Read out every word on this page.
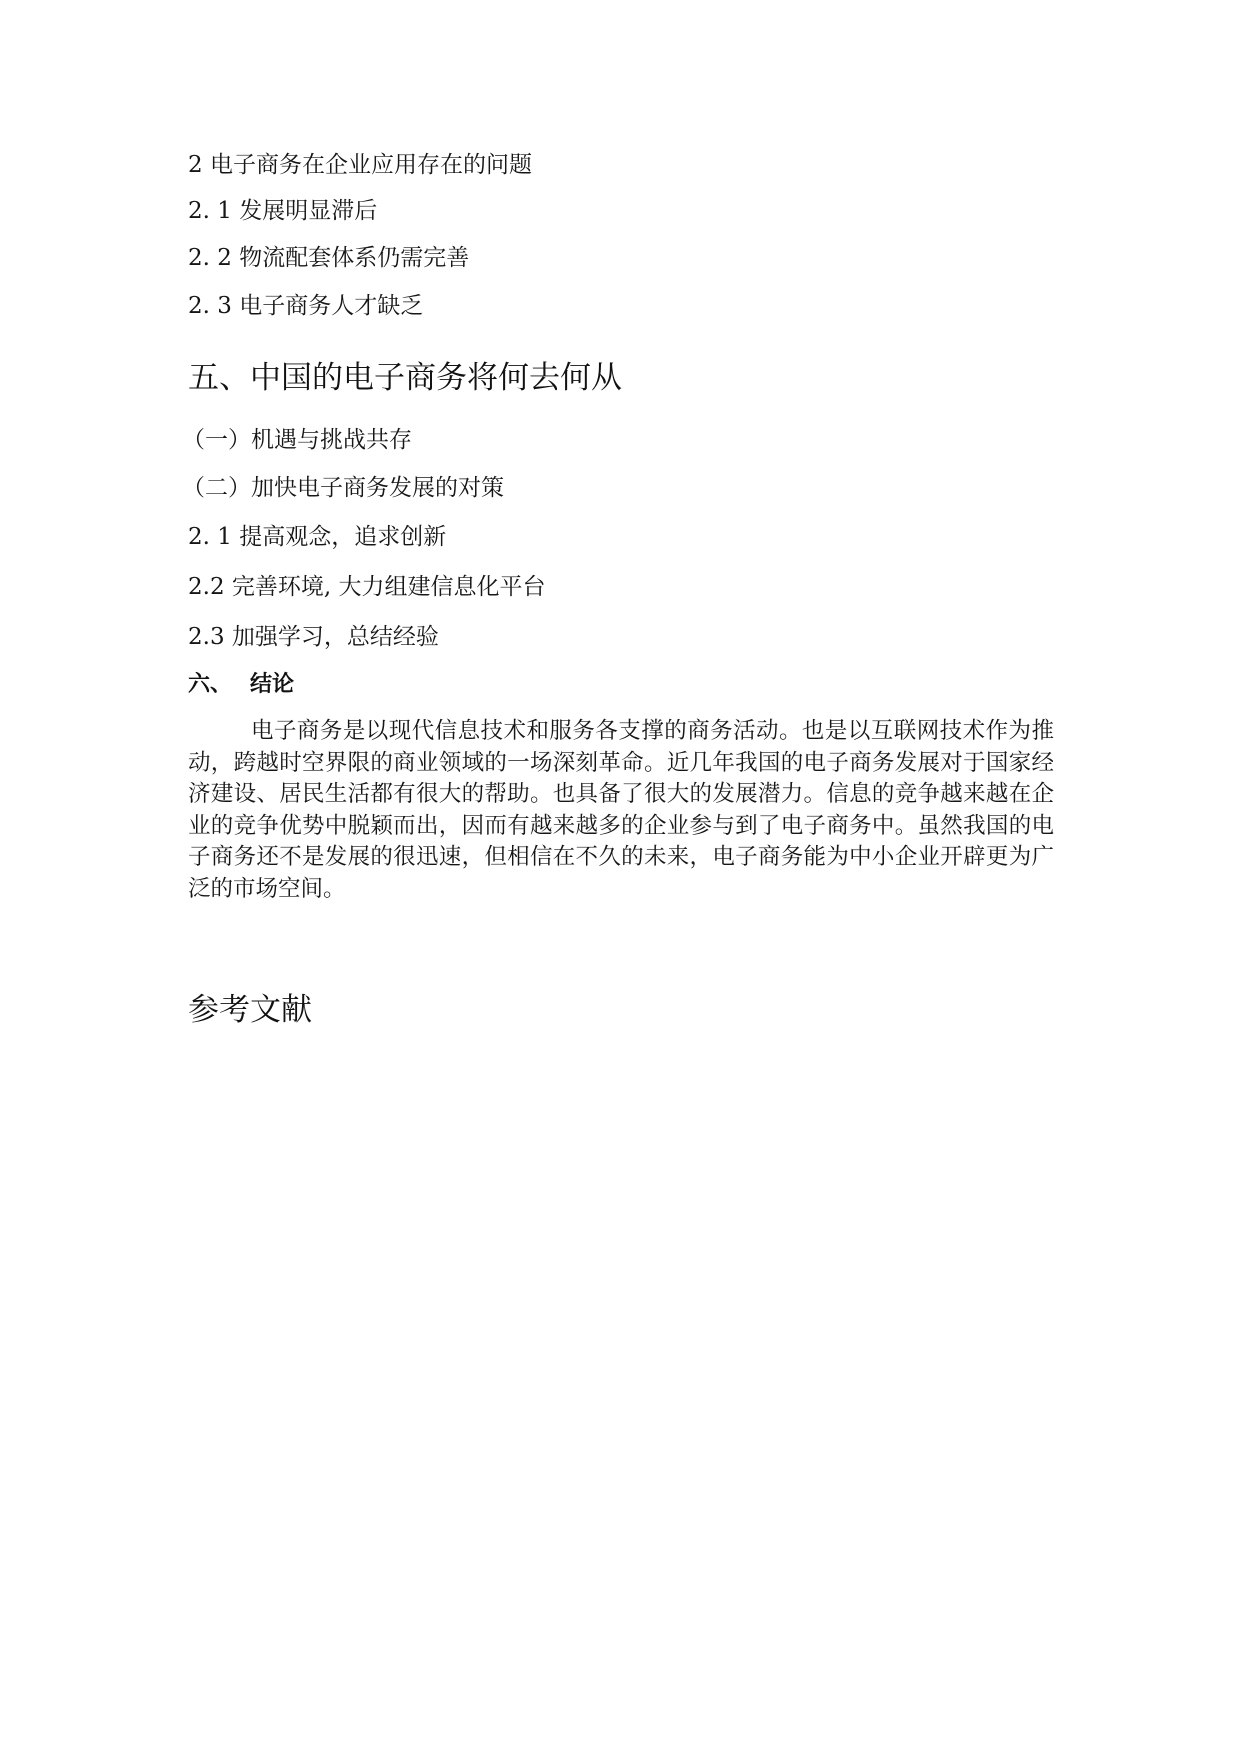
2 电子商务在企业应用存在的问题
2. 1 发展明显滞后
2. 2 物流配套体系仍需完善
2. 3 电子商务人才缺乏
五、中国的电子商务将何去何从
（一）机遇与挑战共存
（二）加快电子商务发展的对策
2. 1 提高观念，追求创新
2.2 完善环境, 大力组建信息化平台
2.3 加强学习，总结经验
六、 结论

电子商务是以现代信息技术和服务各支撑的商务活动。也是以互联网技术作为推动，跨越时空界限的商业领域的一场深刻革命。近几年我国的电子商务发展对于国家经济建设、居民生活都有很大的帮助。也具备了很大的发展潜力。信息的竞争越来越在企业的竞争优势中脱颖而出，因而有越来越多的企业参与到了电子商务中。虽然我国的电子商务还不是发展的很迅速，但相信在不久的未来，电子商务能为中小企业开辟更为广泛的市场空间。

参考文献
